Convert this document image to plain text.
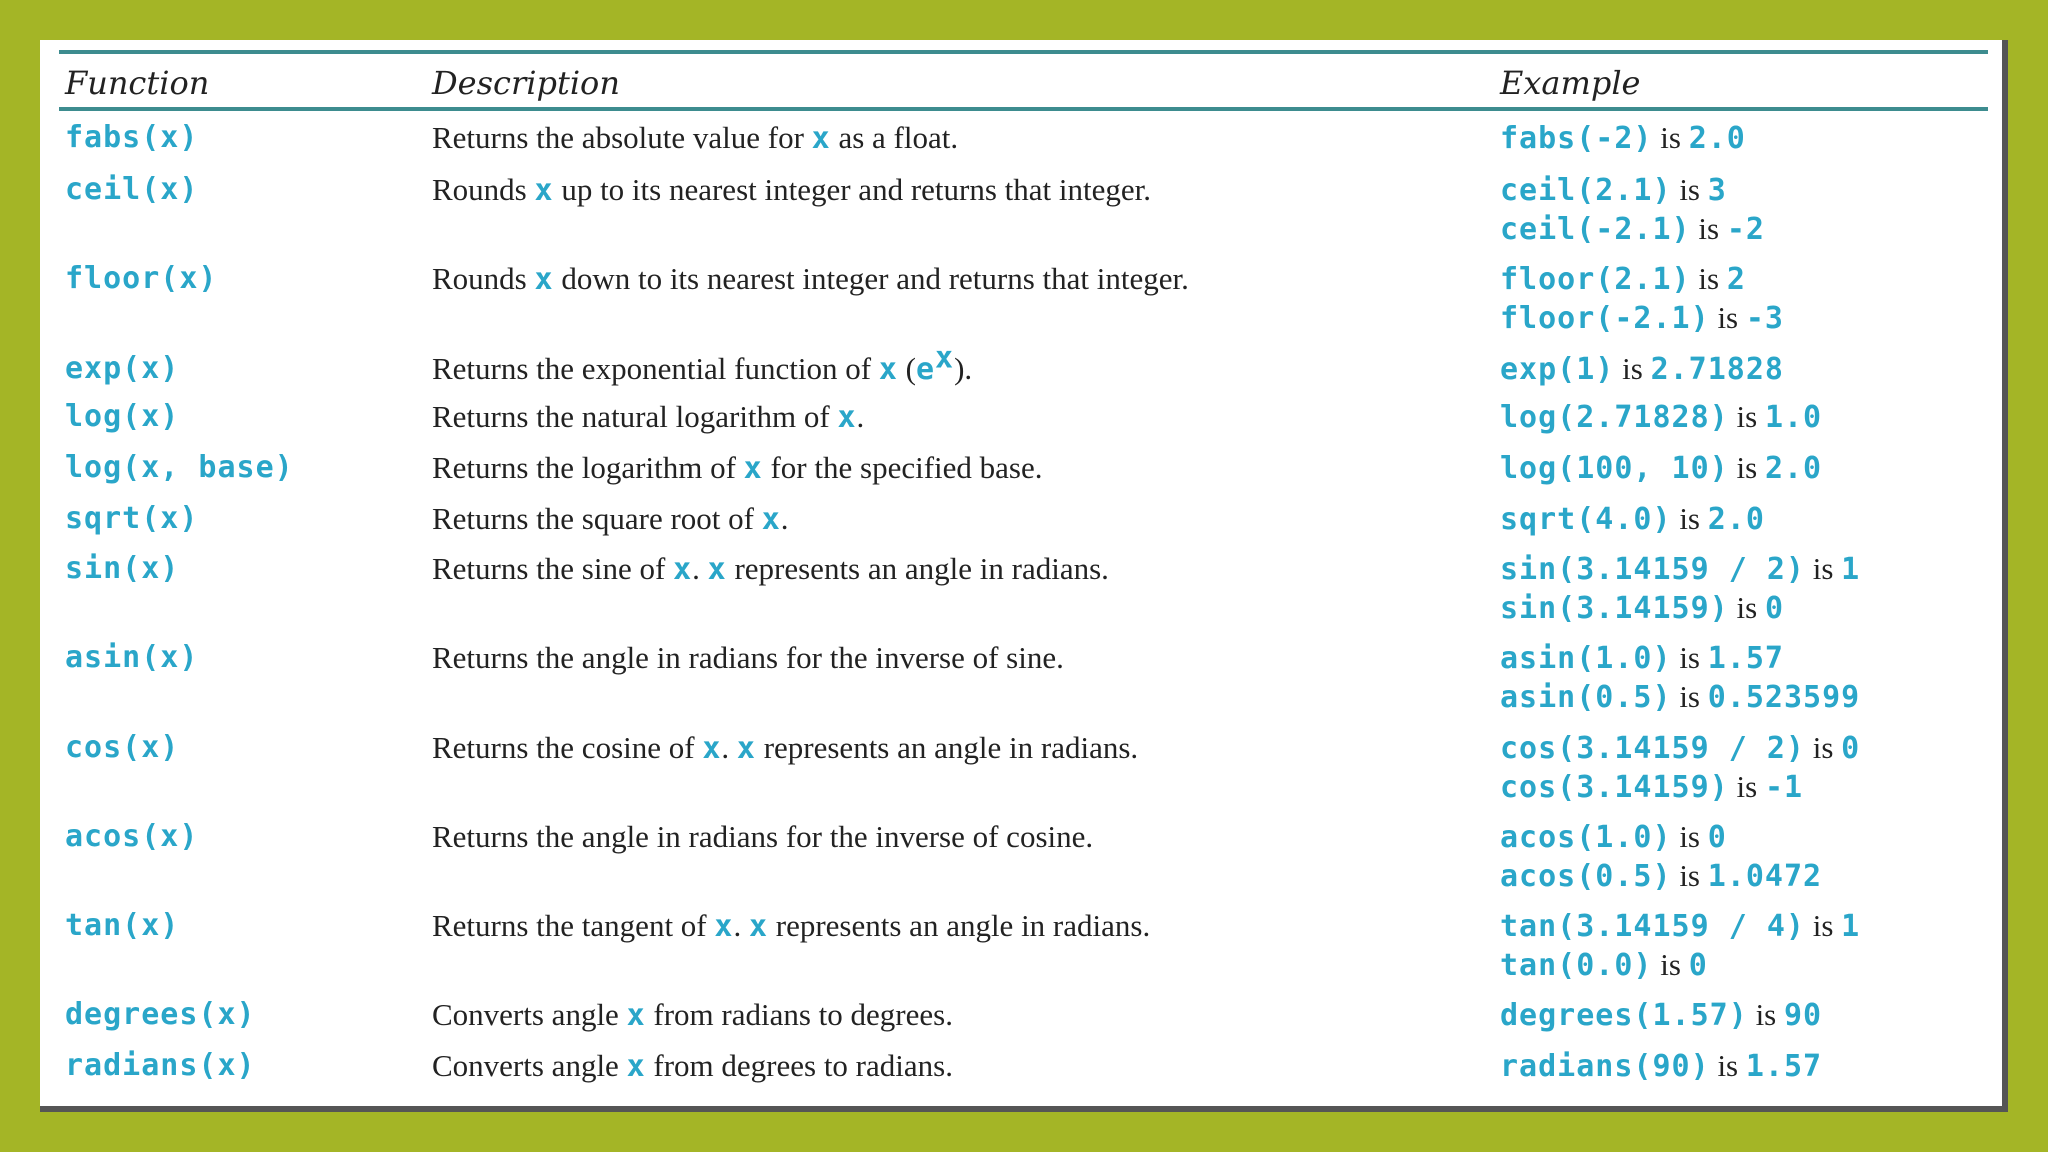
Function	Description	Example
fabs(x)	Returns the absolute value for x as a float.	fabs(-2) is 2.0
ceil(x)	Rounds x up to its nearest integer and returns that integer.	ceil(2.1) is 3
ceil(-2.1) is -2
floor(x)	Rounds x down to its nearest integer and returns that integer.	floor(2.1) is 2
floor(-2.1) is -3
exp(x)	Returns the exponential function of x $(e^x)$.	exp(1) is 2.71828
log(x)	Returns the natural logarithm of x.	log(2.71828) is 1.0
log(x, base)	Returns the logarithm of x for the specified base.	log(100, 10) is 2.0
sqrt(x)	Returns the square root of x.	sqrt(4.0) is 2.0
sin(x)	Returns the sine of x. x represents an angle in radians.	sin(3.14159 / 2) is 1
sin(3.14159) is 0
asin(x)	Returns the angle in radians for the inverse of sine.	asin(1.0) is 1.57
asin(0.5) is 0.523599
cos(x)	Returns the cosine of x. x represents an angle in radians.	cos(3.14159 / 2) is 0
cos(3.14159) is -1
acos(x)	Returns the angle in radians for the inverse of cosine.	acos(1.0) is 0
acos(0.5) is 1.0472
tan(x)	Returns the tangent of x. x represents an angle in radians.	tan(3.14159 / 4) is 1
tan(0.0) is 0
degrees(x)	Converts angle x from radians to degrees.	degrees(1.57) is 90
radians(x)	Converts angle x from degrees to radians.	radians(90) is 1.57
